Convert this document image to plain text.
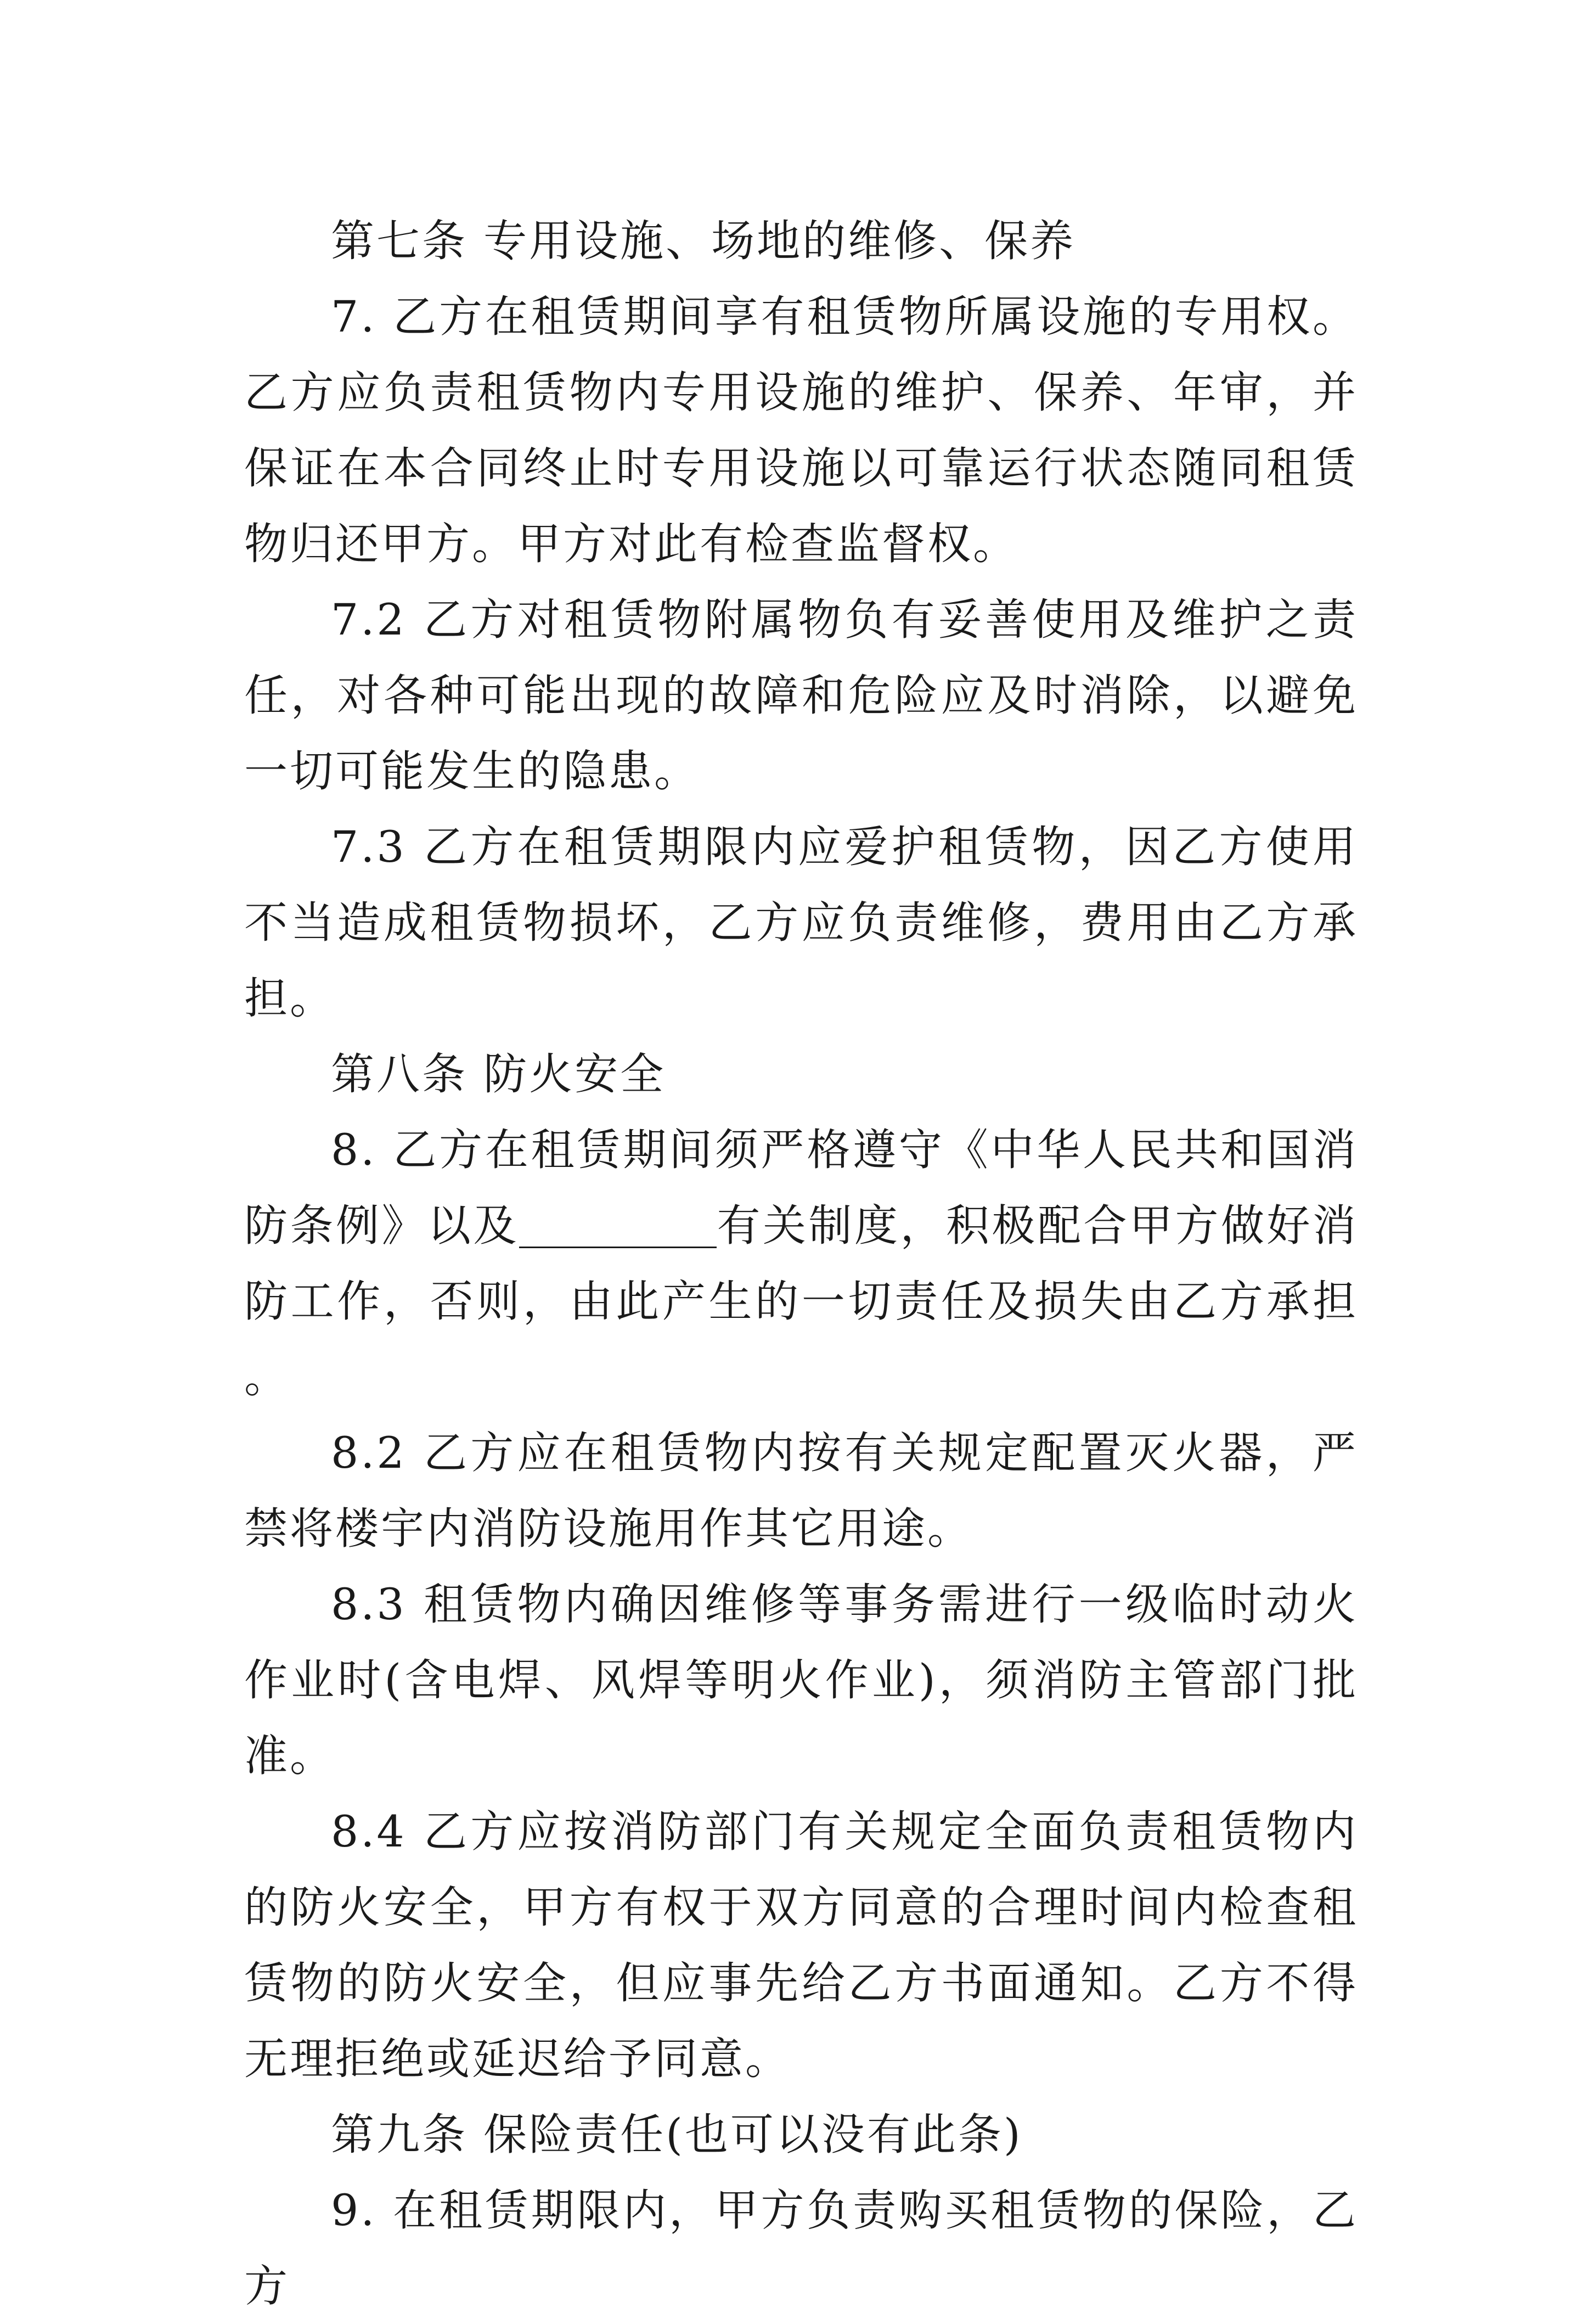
第七条 专用设施、场地的维修、保养

7. 乙方在租赁期间享有租赁物所属设施的专用权。乙方应负责租赁物内专用设施的维护、保养、年审，并保证在本合同终止时专用设施以可靠运行状态随同租赁物归还甲方。甲方对此有检查监督权。

7.2 乙方对租赁物附属物负有妥善使用及维护之责任，对各种可能出现的故障和危险应及时消除，以避免一切可能发生的隐患。

7.3 乙方在租赁期限内应爱护租赁物，因乙方使用不当造成租赁物损坏，乙方应负责维修，费用由乙方承担。

第八条 防火安全

8. 乙方在租赁期间须严格遵守《中华人民共和国消防条例》以及	有关制度，积极配合甲方做好消防工作，否则，由此产生的一切责任及损失由乙方承担。

8.2 乙方应在租赁物内按有关规定配置灭火器，严禁将楼宇内消防设施用作其它用途。

8.3 租赁物内确因维修等事务需进行一级临时动火作业时(含电焊、风焊等明火作业)，须消防主管部门批准。

8.4 乙方应按消防部门有关规定全面负责租赁物内的防火安全，甲方有权于双方同意的合理时间内检查租赁物的防火安全，但应事先给乙方书面通知。乙方不得无理拒绝或延迟给予同意。

第九条 保险责任(也可以没有此条)

9. 在租赁期限内，甲方负责购买租赁物的保险，乙方
